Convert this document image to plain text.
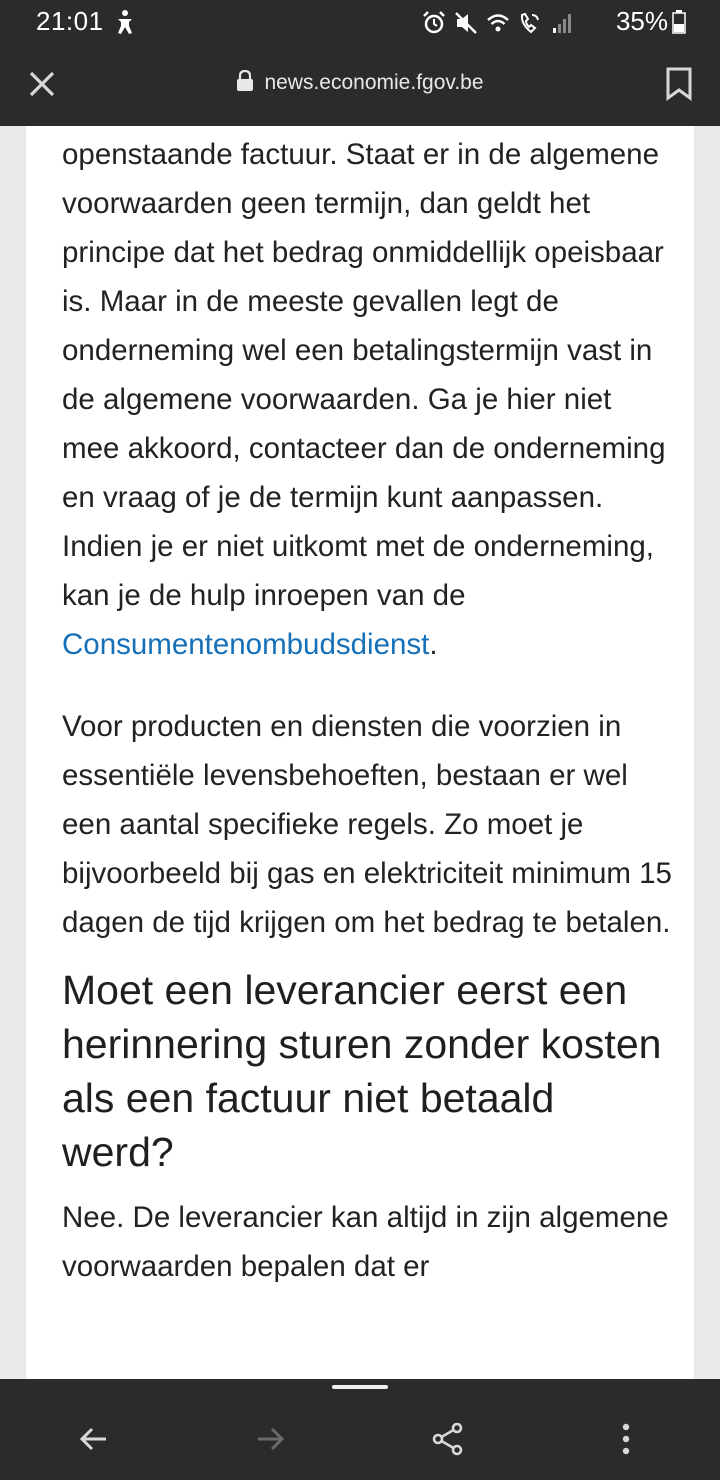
21:01	35%
news.economie.fgov.be

openstaande factuur. Staat er in de algemene voorwaarden geen termijn, dan geldt het principe dat het bedrag onmiddellijk opeisbaar is. Maar in de meeste gevallen legt de onderneming wel een betalingstermijn vast in de algemene voorwaarden. Ga je hier niet mee akkoord, contacteer dan de onderneming en vraag of je de termijn kunt aanpassen. Indien je er niet uitkomt met de onderneming, kan je de hulp inroepen van de Consumentenombudsdienst.

Voor producten en diensten die voorzien in essentiële levensbehoeften, bestaan er wel een aantal specifieke regels. Zo moet je bijvoorbeeld bij gas en elektriciteit minimum 15 dagen de tijd krijgen om het bedrag te betalen.

Moet een leverancier eerst een herinnering sturen zonder kosten als een factuur niet betaald werd?

Nee. De leverancier kan altijd in zijn algemene voorwaarden bepalen dat er
